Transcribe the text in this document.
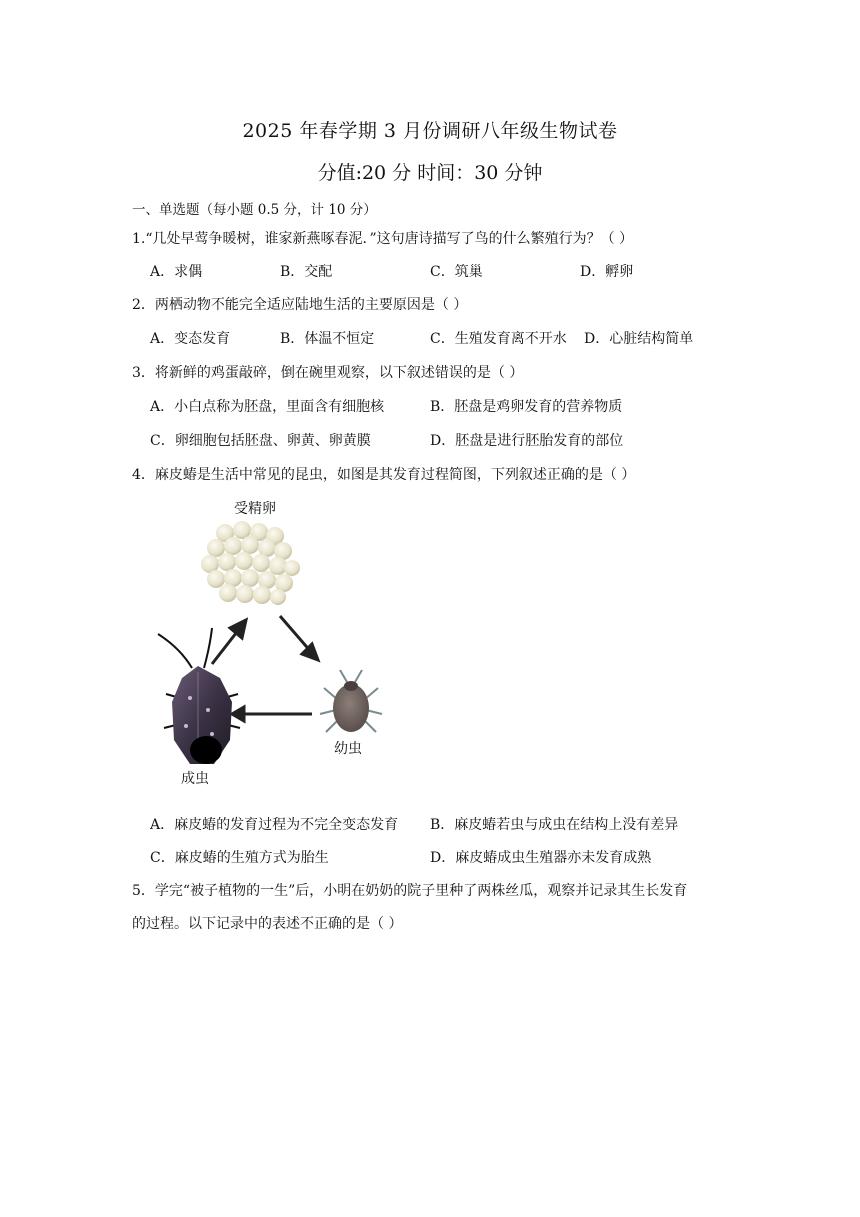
2025 年春学期 3 月份调研八年级生物试卷
分值:20 分 时间：30 分钟
一、单选题（每小题 0.5 分，计 10 分）
1.“几处早莺争暖树，谁家新燕啄春泥．”这句唐诗描写了鸟的什么繁殖行为？（ ）
A．求偶	B．交配	C．筑巢	D．孵卵
2．两栖动物不能完全适应陆地生活的主要原因是（ ）
A．变态发育	B．体温不恒定	C．生殖发育离不开水 D．心脏结构简单
3．将新鲜的鸡蛋敲碎，倒在碗里观察，以下叙述错误的是（ ）
A．小白点称为胚盘，里面含有细胞核	B．胚盘是鸡卵发育的营养物质
C．卵细胞包括胚盘、卵黄、卵黄膜	D．胚盘是进行胚胎发育的部位
4．麻皮蝽是生活中常见的昆虫，如图是其发育过程简图，下列叙述正确的是（ ）
受精卵
幼虫
成虫
A．麻皮蝽的发育过程为不完全变态发育 B．麻皮蝽若虫与成虫在结构上没有差异
C．麻皮蝽的生殖方式为胎生	D．麻皮蝽成虫生殖器亦未发育成熟
5．学完“被子植物的一生”后，小明在奶奶的院子里种了两株丝瓜，观察并记录其生长发育
的过程。以下记录中的表述不正确的是（ ）
